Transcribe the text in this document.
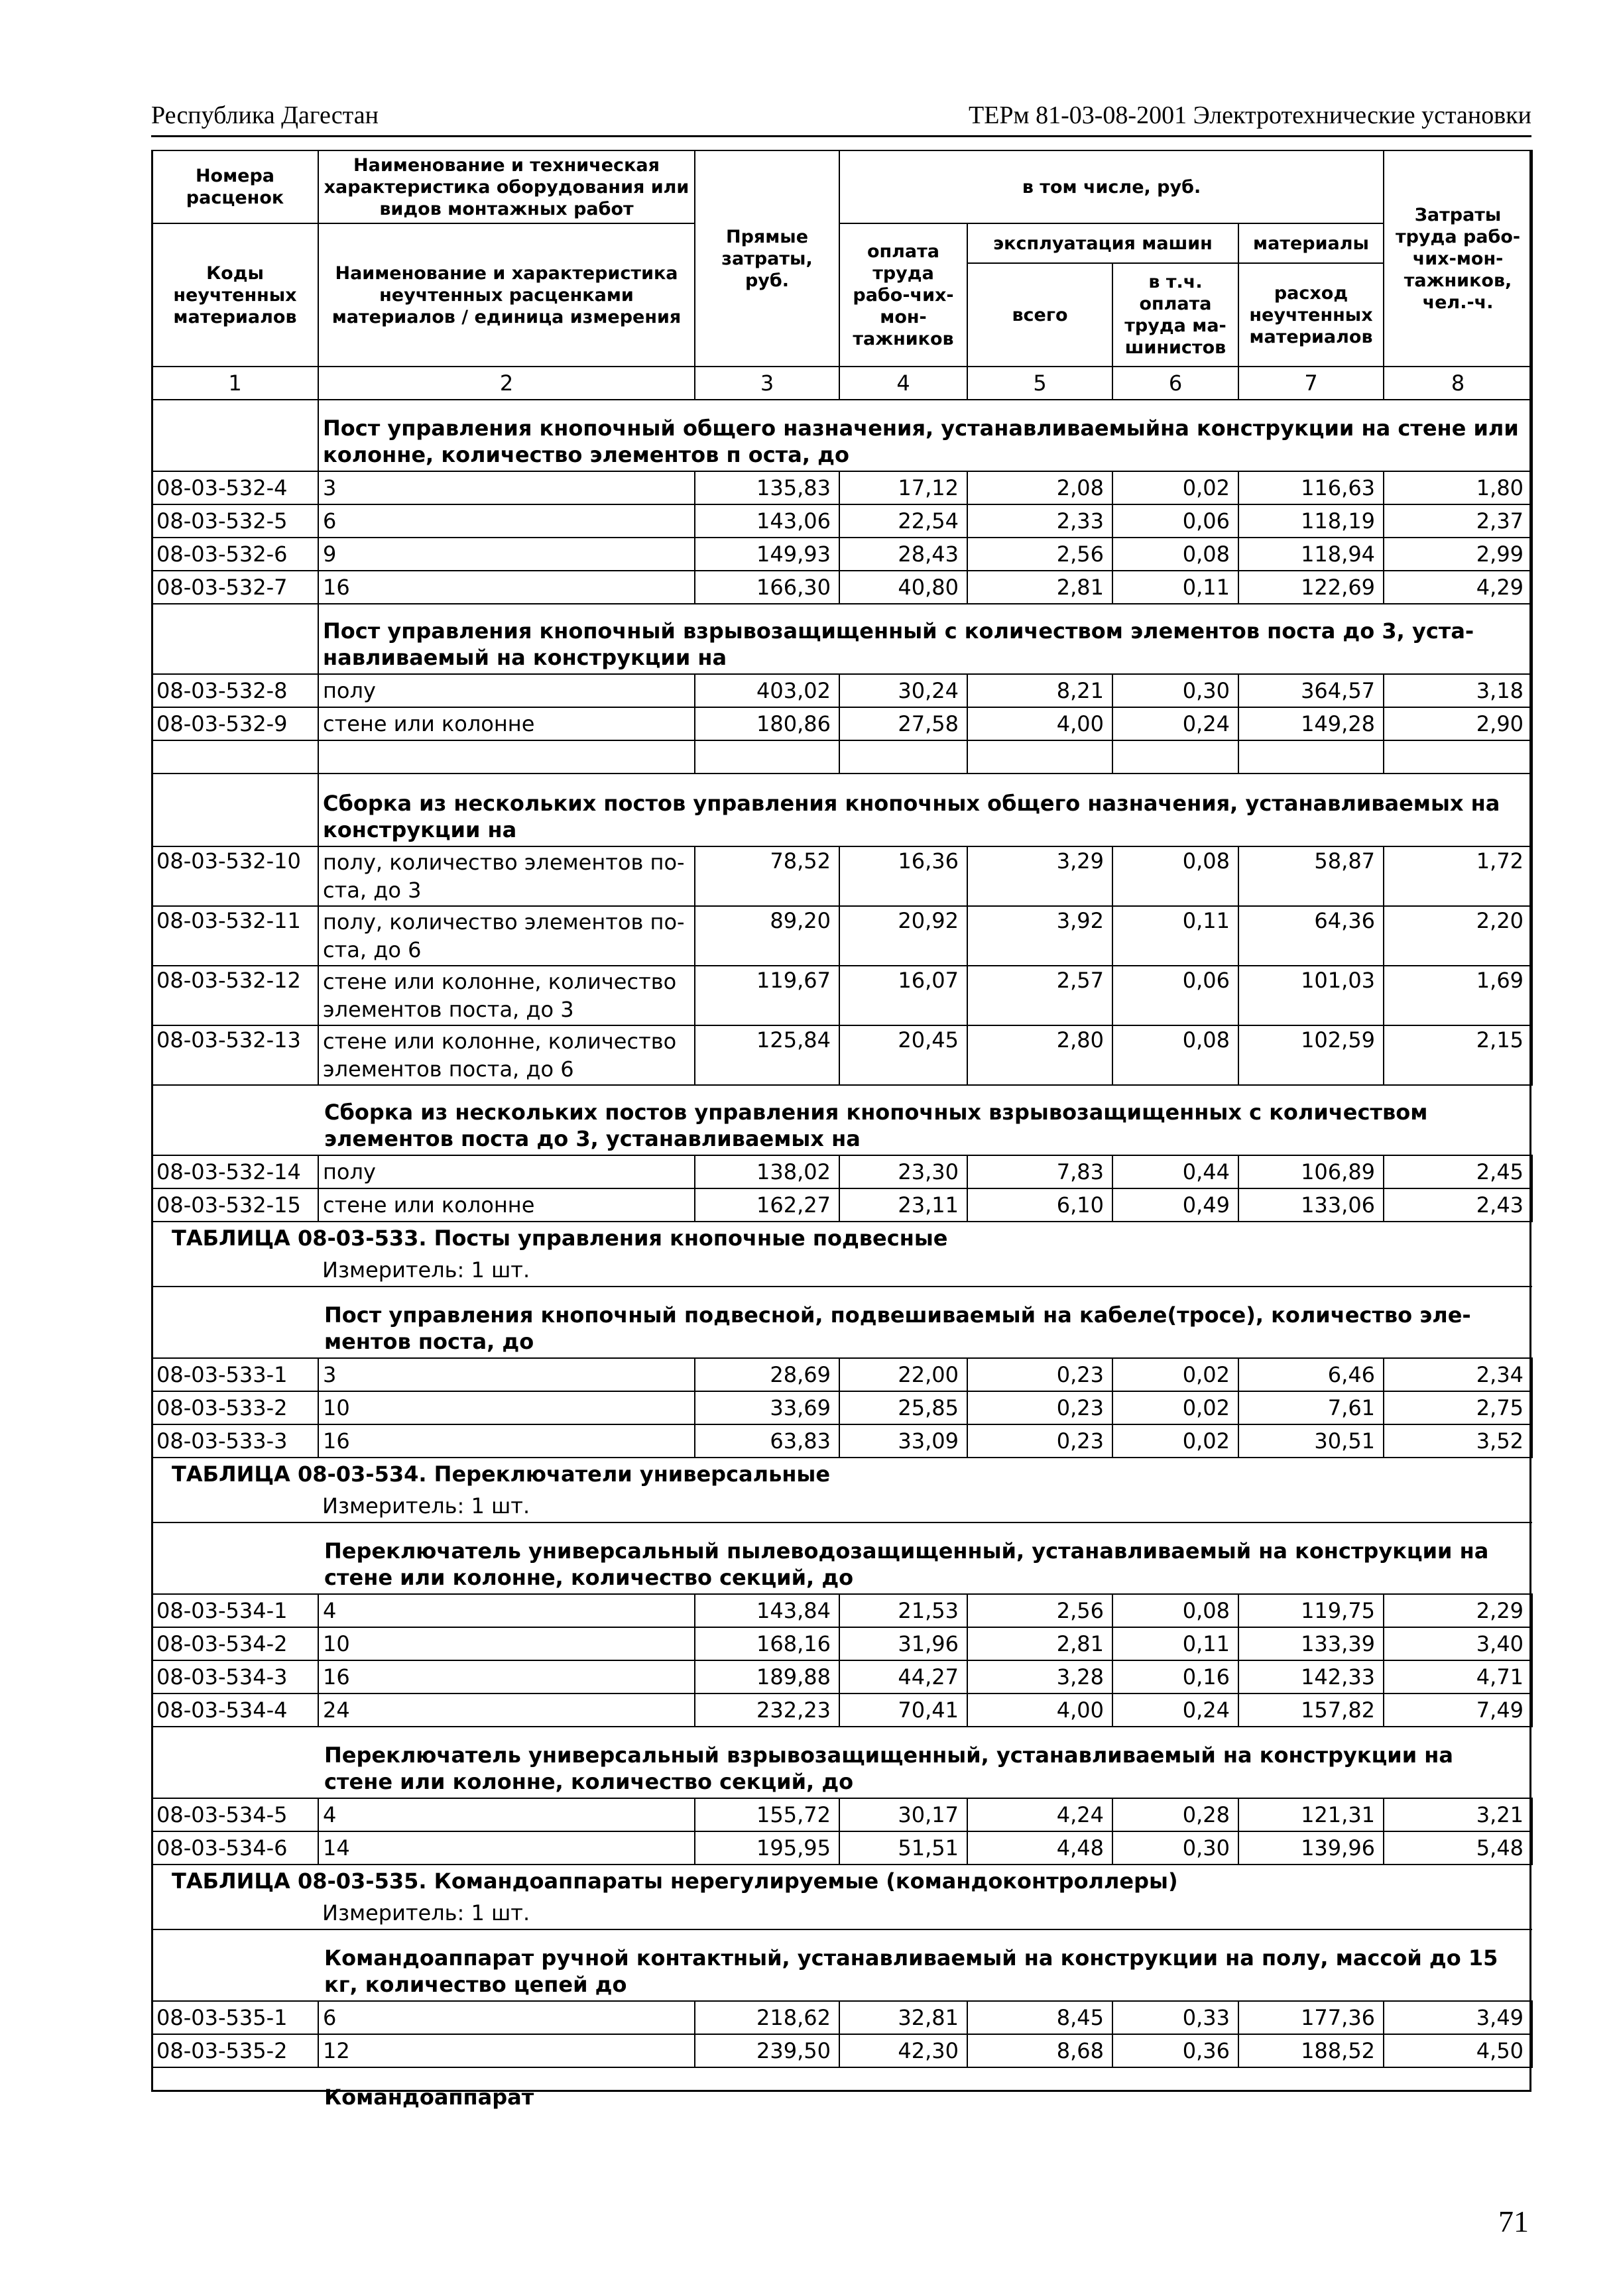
Республика Дагестан	ТЕРм 81-03-08-2001 Электротехнические установки
Номера расценок	Наименование и техническая характеристика оборудования или видов монтажных работ	Прямые затраты, руб.	в том числе, руб.				Затраты труда рабо-чих-мон-тажников, чел.-ч.
Коды неучтенных материалов	Наименование и характеристика неучтенных расценками материалов / единица измерения		оплата труда рабо-чих-мон-тажников	эксплуатация машин		материалы	
				всего	в т.ч. оплата труда ма-шинистов	расход неучтенных материалов	
1	2	3	4	5	6	7	8
	Пост управления кнопочный общего назначения, устанавливаемыйна конструкции на стене или колонне, количество элементов п оста, до						
08-03-532-4	3	135,83	17,12	2,08	0,02	116,63	1,80
08-03-532-5	6	143,06	22,54	2,33	0,06	118,19	2,37
08-03-532-6	9	149,93	28,43	2,56	0,08	118,94	2,99
08-03-532-7	16	166,30	40,80	2,81	0,11	122,69	4,29
	Пост управления кнопочный взрывозащищенный с количеством элементов поста до 3, уста-навливаемый на конструкции на						
08-03-532-8	полу	403,02	30,24	8,21	0,30	364,57	3,18
08-03-532-9	стене или колонне	180,86	27,58	4,00	0,24	149,28	2,90

	Сборка из нескольких постов управления кнопочных общего назначения, устанавливаемых на конструкции на						
08-03-532-10	полу, количество элементов по-ста, до 3	78,52	16,36	3,29	0,08	58,87	1,72
08-03-532-11	полу, количество элементов по-ста, до 6	89,20	20,92	3,92	0,11	64,36	2,20
08-03-532-12	стене или колонне, количество элементов поста, до 3	119,67	16,07	2,57	0,06	101,03	1,69
08-03-532-13	стене или колонне, количество элементов поста, до 6	125,84	20,45	2,80	0,08	102,59	2,15
Сборка из нескольких постов управления кнопочных взрывозащищенных с количеством элементов поста до 3, устанавливаемых на							
08-03-532-14	полу	138,02	23,30	7,83	0,44	106,89	2,45
08-03-532-15	стене или колонне	162,27	23,11	6,10	0,49	133,06	2,43
ТАБЛИЦА 08-03-533. Посты управления кнопочные подвесные							
	Измеритель: 1 шт.						
Пост управления кнопочный подвесной, подвешиваемый на кабеле(тросе), количество эле-ментов поста, до							
08-03-533-1	3	28,69	22,00	0,23	0,02	6,46	2,34
08-03-533-2	10	33,69	25,85	0,23	0,02	7,61	2,75
08-03-533-3	16	63,83	33,09	0,23	0,02	30,51	3,52
ТАБЛИЦА 08-03-534. Переключатели универсальные							
	Измеритель: 1 шт.						
Переключатель универсальный пылеводозащищенный, устанавливаемый на конструкции на стене или колонне, количество секций, до							
08-03-534-1	4	143,84	21,53	2,56	0,08	119,75	2,29
08-03-534-2	10	168,16	31,96	2,81	0,11	133,39	3,40
08-03-534-3	16	189,88	44,27	3,28	0,16	142,33	4,71
08-03-534-4	24	232,23	70,41	4,00	0,24	157,82	7,49
Переключатель универсальный взрывозащищенный, устанавливаемый на конструкции на стене или колонне, количество секций, до							
08-03-534-5	4	155,72	30,17	4,24	0,28	121,31	3,21
08-03-534-6	14	195,95	51,51	4,48	0,30	139,96	5,48
ТАБЛИЦА 08-03-535. Командоаппараты нерегулируемые (командоконтроллеры)							
	Измеритель: 1 шт.						
Командоаппарат ручной контактный, устанавливаемый на конструкции на полу, массой до 15 кг, количество цепей до							
08-03-535-1	6	218,62	32,81	8,45	0,33	177,36	3,49
08-03-535-2	12	239,50	42,30	8,68	0,36	188,52	4,50
Командоаппарат							
71
